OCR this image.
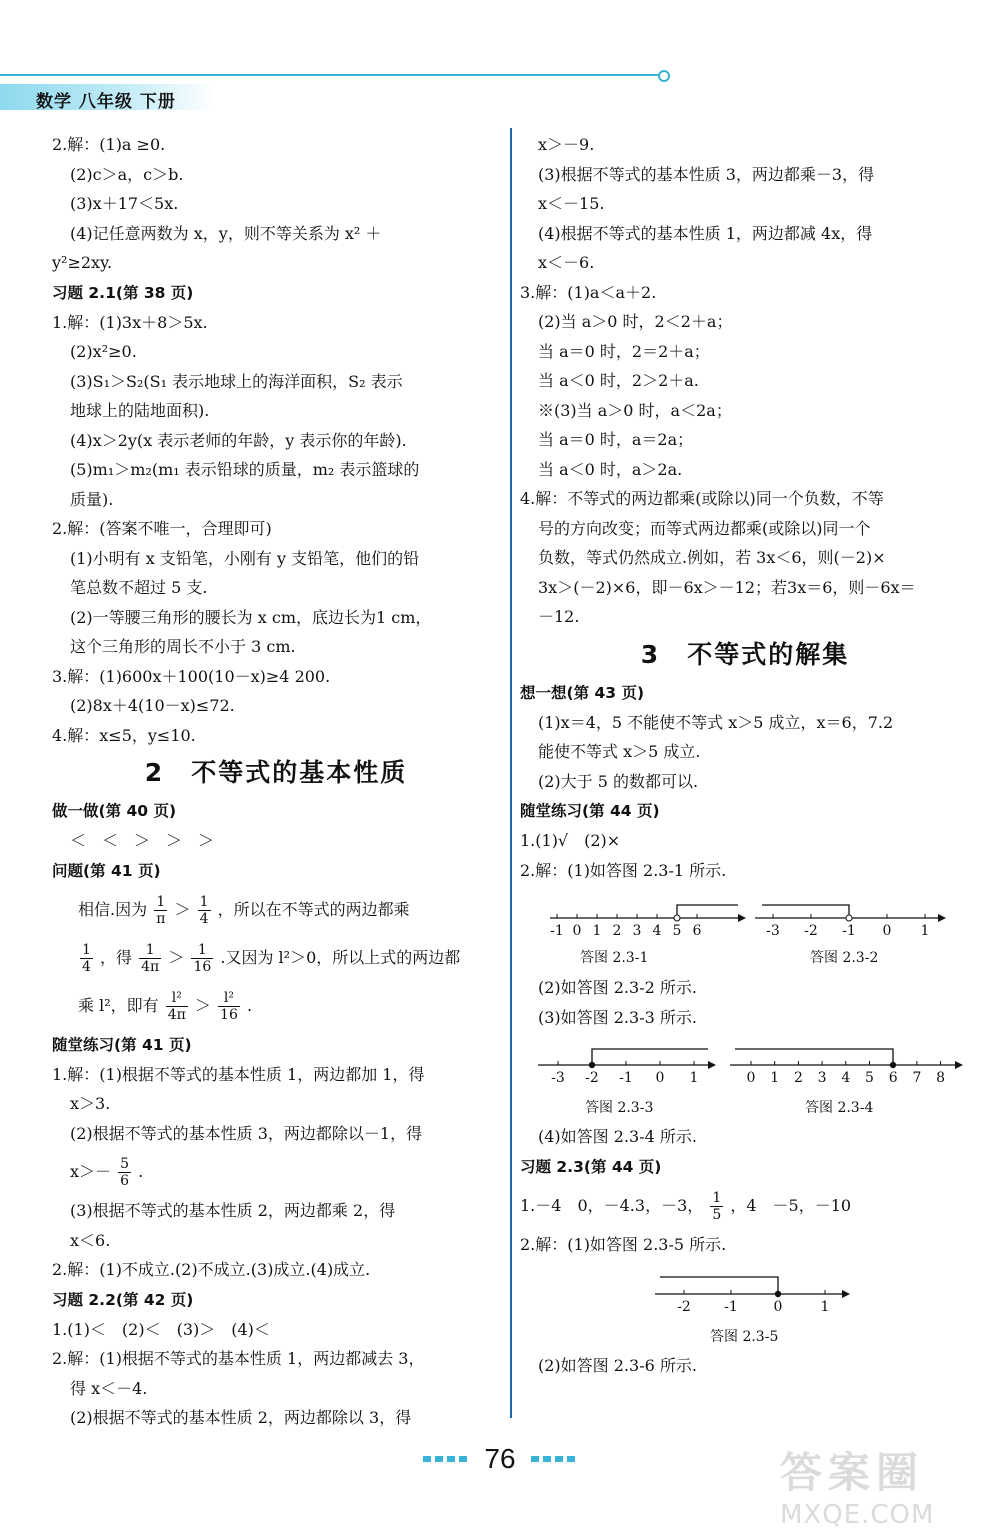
数学 八年级 下册
2.解：(1)a ≥0.
(2)c＞a，c＞b.
(3)x＋17＜5x.
(4)记任意两数为 x，y，则不等关系为 x² ＋
y²≥2xy.
习题 2.1(第 38 页)
1.解：(1)3x＋8＞5x.
(2)x²≥0.
(3)S₁＞S₂(S₁ 表示地球上的海洋面积，S₂ 表示
地球上的陆地面积).
(4)x＞2y(x 表示老师的年龄，y 表示你的年龄).
(5)m₁＞m₂(m₁ 表示铅球的质量，m₂ 表示篮球的
质量).
2.解：(答案不唯一，合理即可)
(1)小明有 x 支铅笔，小刚有 y 支铅笔，他们的铅
笔总数不超过 5 支.
(2)一等腰三角形的腰长为 x cm，底边长为1 cm，
这个三角形的周长不小于 3 cm.
3.解：(1)600x＋100(10－x)≥4 200.
(2)8x＋4(10－x)≤72.
4.解：x≤5，y≤10.
2　不等式的基本性质
做一做(第 40 页)
＜　＜　＞　＞　＞
问题(第 41 页)
相信.因为 $\frac{1}{\pi} > \frac{1}{4}$ ，所以在不等式的两边都乘
$\frac{1}{4}$ ，得 $\frac{1}{4\pi} > \frac{1}{16}$ .又因为 l²＞0，所以上式的两边都
乘 l²，即有 $\frac{\text{l²}}{4\pi} > \frac{\text{l²}}{16}$ .
随堂练习(第 41 页)
1.解：(1)根据不等式的基本性质 1，两边都加 1，得
x＞3.
(2)根据不等式的基本性质 3，两边都除以－1，得
$x>- \frac{5}{6}$ .
(3)根据不等式的基本性质 2，两边都乘 2，得
x＜6.
2.解：(1)不成立.(2)不成立.(3)成立.(4)成立.
习题 2.2(第 42 页)
1.(1)＜　(2)＜　(3)＞　(4)＜
2.解：(1)根据不等式的基本性质 1，两边都减去 3，
得 x＜－4.
(2)根据不等式的基本性质 2，两边都除以 3，得
x＞－9.
(3)根据不等式的基本性质 3，两边都乘－3，得
x＜－15.
(4)根据不等式的基本性质 1，两边都减 4x，得
x＜－6.
3.解：(1)a＜a＋2.
(2)当 a＞0 时，2＜2＋a；
当 a＝0 时，2＝2＋a；
当 a＜0 时，2＞2＋a.
※(3)当 a＞0 时，a＜2a；
当 a＝0 时，a＝2a；
当 a＜0 时，a＞2a.
4.解：不等式的两边都乘(或除以)同一个负数，不等
号的方向改变；而等式两边都乘(或除以)同一个
负数，等式仍然成立.例如，若 3x＜6，则(－2)×
3x＞(－2)×6，即－6x＞－12；若3x＝6，则－6x＝
－12.
3　不等式的解集
想一想(第 43 页)
(1)x＝4，5 不能使不等式 x＞5 成立，x＝6，7.2
能使不等式 x＞5 成立.
(2)大于 5 的数都可以.
随堂练习(第 44 页)
1.(1)√　(2)×
2.解：(1)如答图 2.3-1 所示.
-1 0 1 2 3 4 5 6
答图 2.3-1
-3 -2 -1 0 1
答图 2.3-2
(2)如答图 2.3-2 所示.
(3)如答图 2.3-3 所示.
-3 -2 -1 0 1
答图 2.3-3
0 1 2 3 4 5 6 7 8
答图 2.3-4
(4)如答图 2.3-4 所示.
习题 2.3(第 44 页)
1.－4　0，－4.3，－3， $\frac{1}{5}$ ，4　－5，－10
2.解：(1)如答图 2.3-5 所示.
-2 -1	0	1
答图 2.3-5
(2)如答图 2.3-6 所示.
76	答案圈
MXQE.COM
